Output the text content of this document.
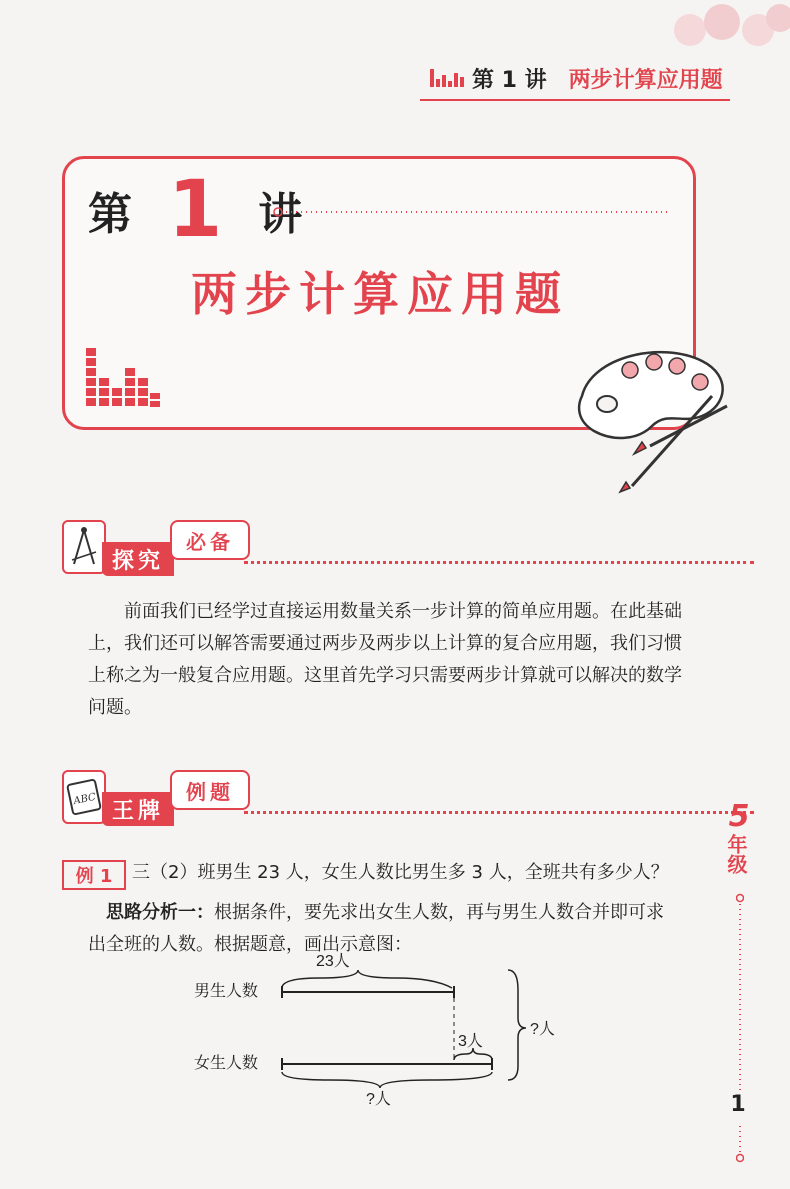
第 1 讲 两步计算应用题
第 1 讲
两步计算应用题
探究
必备
前面我们已经学过直接运用数量关系一步计算的简单应用题。在此基础
上，我们还可以解答需要通过两步及两步以上计算的复合应用题，我们习惯
上称之为一般复合应用题。这里首先学习只需要两步计算就可以解决的数学
问题。
ABC 王牌
例题
例 1	三（2）班男生 23 人，女生人数比男生多 3 人，全班共有多少人？
思路分析一：根据条件，要先求出女生人数，再与男生人数合并即可求
出全班的人数。根据题意，画出示意图：
23人
男生人数
女生人数
3人
?人
?人
5
年级
1
